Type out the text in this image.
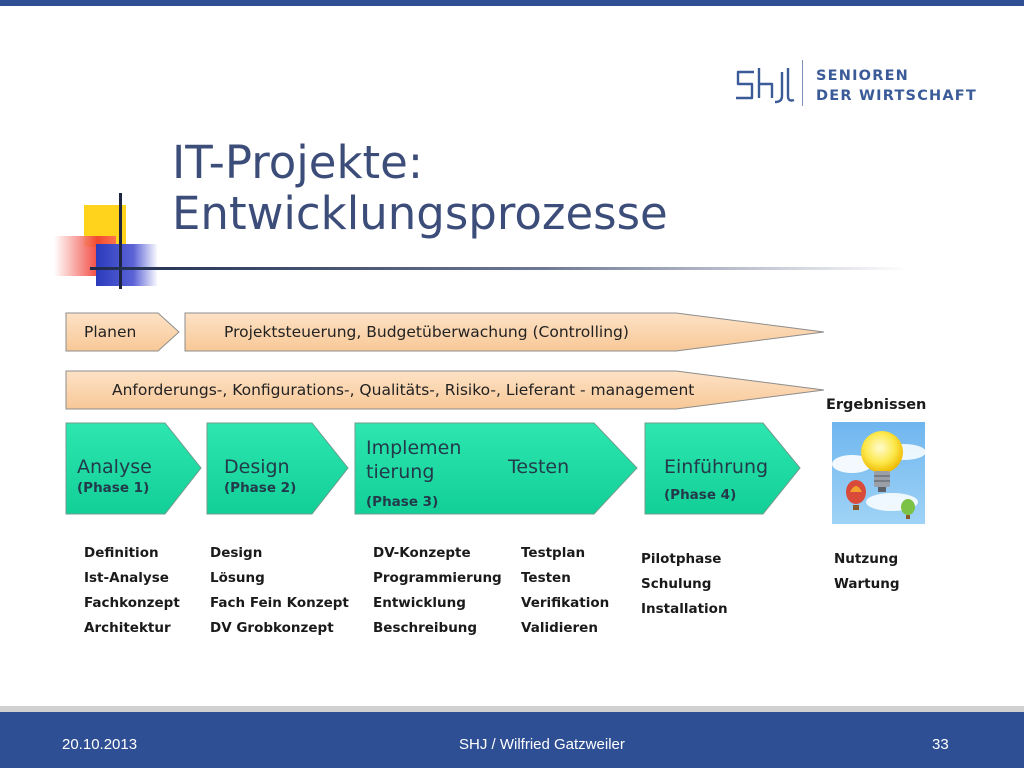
SENIOREN
DER WIRTSCHAFT
IT-Projekte:
Entwicklungsprozesse
Planen	Projektsteuerung, Budgetüberwachung (Controlling)
Anforderungs-, Konfigurations-, Qualitäts-, Risiko-, Lieferant - management
Analyse
(Phase 1)
Design
(Phase 2)
Implemen
tierung	Testen
(Phase 3)
Einführung
(Phase 4)
Ergebnissen
Definition
Ist-Analyse
Fachkonzept
Architektur
Design
Lösung
Fach Fein Konzept
DV Grobkonzept
DV-Konzepte
Programmierung
Entwicklung
Beschreibung
Testplan
Testen
Verifikation
Validieren
Pilotphase
Schulung
Installation
Nutzung
Wartung
20.10.2013	SHJ / Wilfried Gatzweiler	33
